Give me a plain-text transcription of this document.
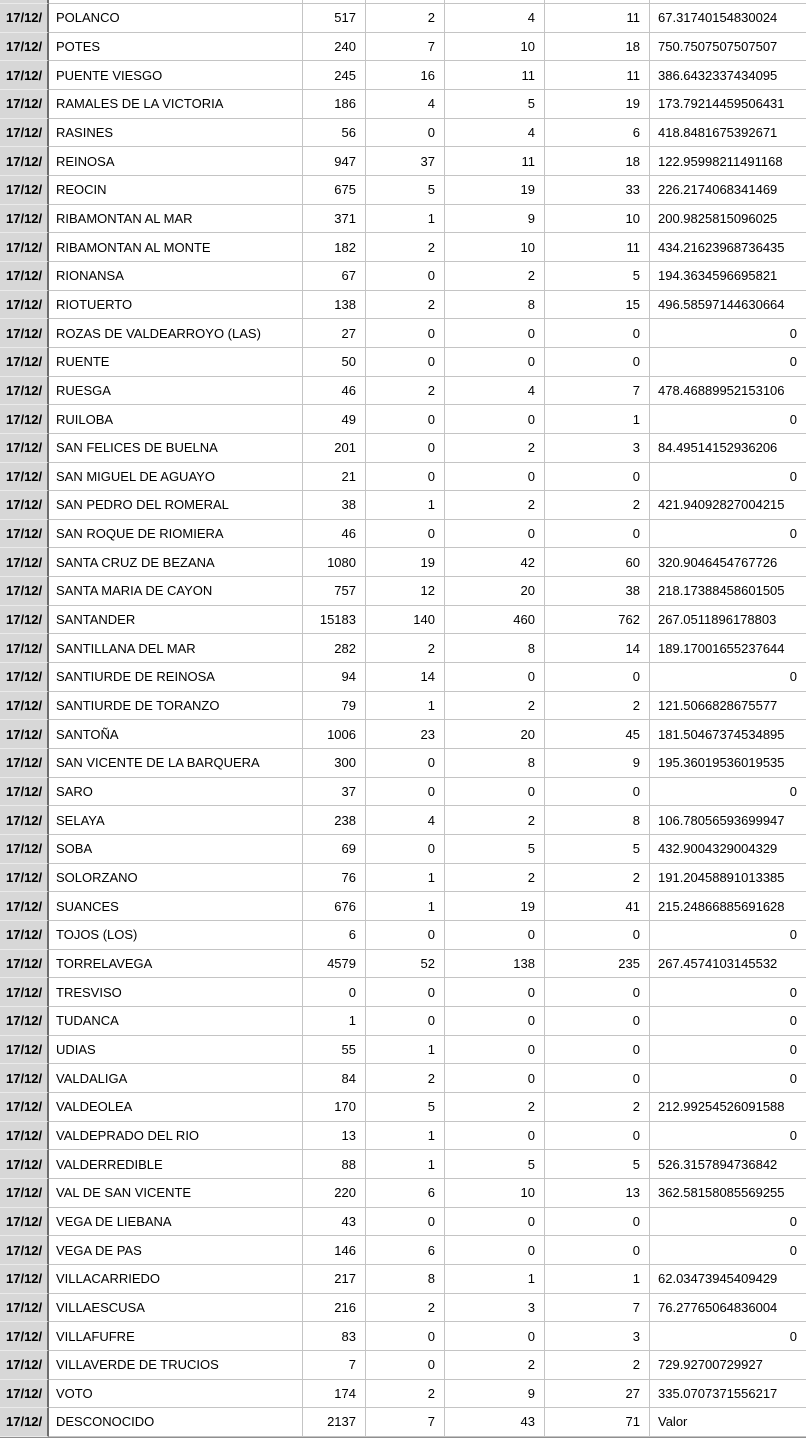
17/12/	POLANCO	517	2	4	11	67.31740154830024
17/12/	POTES	240	7	10	18	750.7507507507507
17/12/	PUENTE VIESGO	245	16	11	11	386.6432337434095
17/12/	RAMALES DE LA VICTORIA	186	4	5	19	173.79214459506431
17/12/	RASINES	56	0	4	6	418.8481675392671
17/12/	REINOSA	947	37	11	18	122.95998211491168
17/12/	REOCIN	675	5	19	33	226.2174068341469
17/12/	RIBAMONTAN AL MAR	371	1	9	10	200.9825815096025
17/12/	RIBAMONTAN AL MONTE	182	2	10	11	434.21623968736435
17/12/	RIONANSA	67	0	2	5	194.3634596695821
17/12/	RIOTUERTO	138	2	8	15	496.58597144630664
17/12/	ROZAS DE VALDEARROYO (LAS)	27	0	0	0	0
17/12/	RUENTE	50	0	0	0	0
17/12/	RUESGA	46	2	4	7	478.46889952153106
17/12/	RUILOBA	49	0	0	1	0
17/12/	SAN FELICES DE BUELNA	201	0	2	3	84.49514152936206
17/12/	SAN MIGUEL DE AGUAYO	21	0	0	0	0
17/12/	SAN PEDRO DEL ROMERAL	38	1	2	2	421.94092827004215
17/12/	SAN ROQUE DE RIOMIERA	46	0	0	0	0
17/12/	SANTA CRUZ DE BEZANA	1080	19	42	60	320.9046454767726
17/12/	SANTA MARIA DE CAYON	757	12	20	38	218.17388458601505
17/12/	SANTANDER	15183	140	460	762	267.0511896178803
17/12/	SANTILLANA DEL MAR	282	2	8	14	189.17001655237644
17/12/	SANTIURDE DE REINOSA	94	14	0	0	0
17/12/	SANTIURDE DE TORANZO	79	1	2	2	121.5066828675577
17/12/	SANTOÑA	1006	23	20	45	181.50467374534895
17/12/	SAN VICENTE DE LA BARQUERA	300	0	8	9	195.36019536019535
17/12/	SARO	37	0	0	0	0
17/12/	SELAYA	238	4	2	8	106.78056593699947
17/12/	SOBA	69	0	5	5	432.9004329004329
17/12/	SOLORZANO	76	1	2	2	191.20458891013385
17/12/	SUANCES	676	1	19	41	215.24866885691628
17/12/	TOJOS (LOS)	6	0	0	0	0
17/12/	TORRELAVEGA	4579	52	138	235	267.4574103145532
17/12/	TRESVISO	0	0	0	0	0
17/12/	TUDANCA	1	0	0	0	0
17/12/	UDIAS	55	1	0	0	0
17/12/	VALDALIGA	84	2	0	0	0
17/12/	VALDEOLEA	170	5	2	2	212.99254526091588
17/12/	VALDEPRADO DEL RIO	13	1	0	0	0
17/12/	VALDERREDIBLE	88	1	5	5	526.3157894736842
17/12/	VAL DE SAN VICENTE	220	6	10	13	362.58158085569255
17/12/	VEGA DE LIEBANA	43	0	0	0	0
17/12/	VEGA DE PAS	146	6	0	0	0
17/12/	VILLACARRIEDO	217	8	1	1	62.03473945409429
17/12/	VILLAESCUSA	216	2	3	7	76.27765064836004
17/12/	VILLAFUFRE	83	0	0	3	0
17/12/	VILLAVERDE DE TRUCIOS	7	0	2	2	729.92700729927
17/12/	VOTO	174	2	9	27	335.0707371556217
17/12/	DESCONOCIDO	2137	7	43	71	Valor
